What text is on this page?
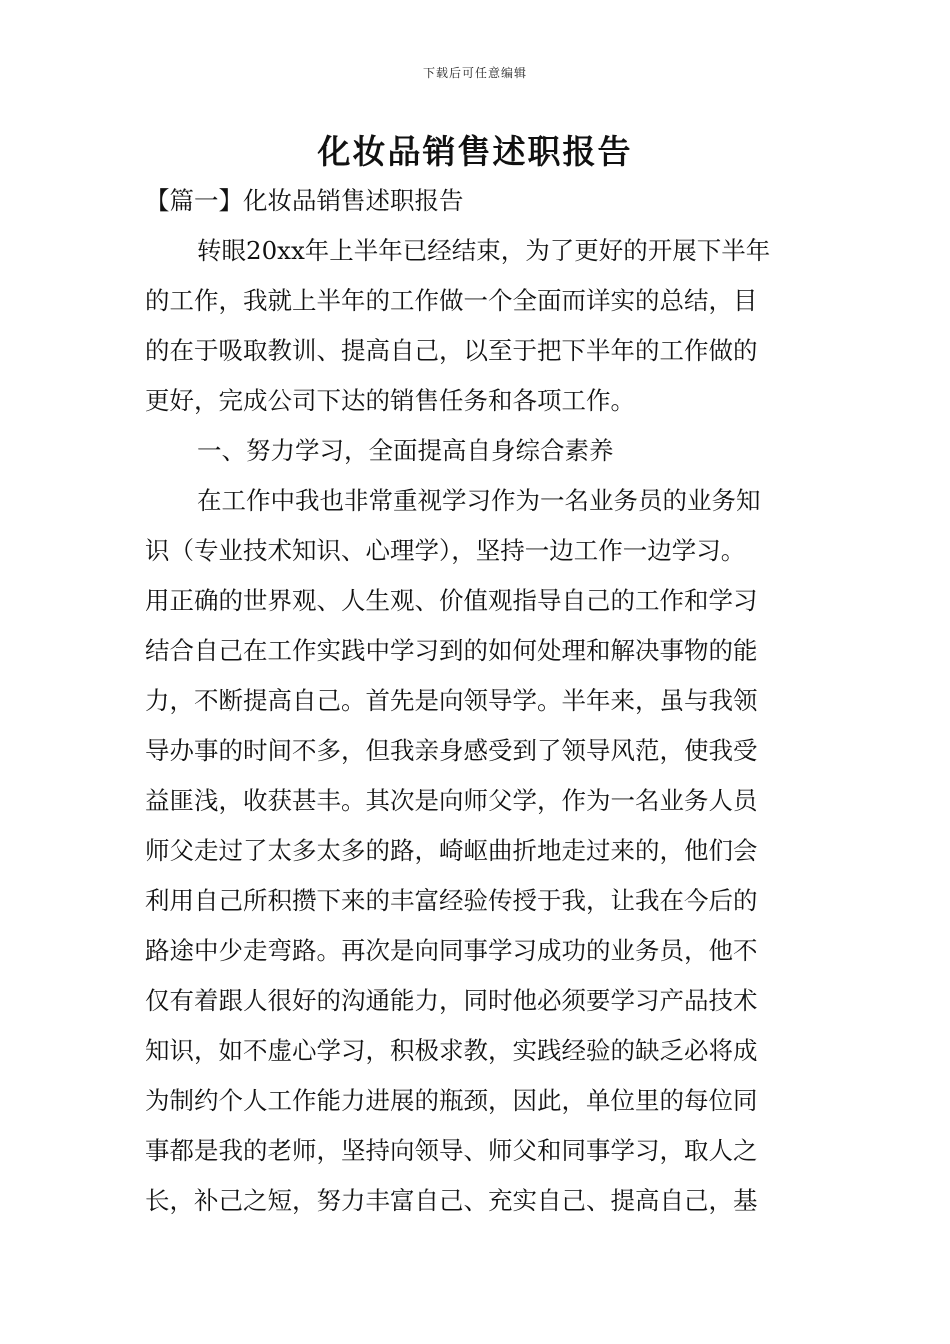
下载后可任意编辑
化妆品销售述职报告
【篇一】化妆品销售述职报告
转眼20xx年上半年已经结束，为了更好的开展下半年
的工作，我就上半年的工作做一个全面而详实的总结，目
的在于吸取教训、提高自己，以至于把下半年的工作做的
更好，完成公司下达的销售任务和各项工作。
一、努力学习，全面提高自身综合素养
在工作中我也非常重视学习作为一名业务员的业务知
识（专业技术知识、心理学），坚持一边工作一边学习。
用正确的世界观、人生观、价值观指导自己的工作和学习
结合自己在工作实践中学习到的如何处理和解决事物的能
力，不断提高自己。首先是向领导学。半年来，虽与我领
导办事的时间不多，但我亲身感受到了领导风范，使我受
益匪浅，收获甚丰。其次是向师父学，作为一名业务人员
师父走过了太多太多的路，崎岖曲折地走过来的，他们会
利用自己所积攒下来的丰富经验传授于我，让我在今后的
路途中少走弯路。再次是向同事学习成功的业务员，他不
仅有着跟人很好的沟通能力，同时他必须要学习产品技术
知识，如不虚心学习，积极求教，实践经验的缺乏必将成
为制约个人工作能力进展的瓶颈，因此，单位里的每位同
事都是我的老师，坚持向领导、师父和同事学习，取人之
长，补己之短，努力丰富自己、充实自己、提高自己，基
